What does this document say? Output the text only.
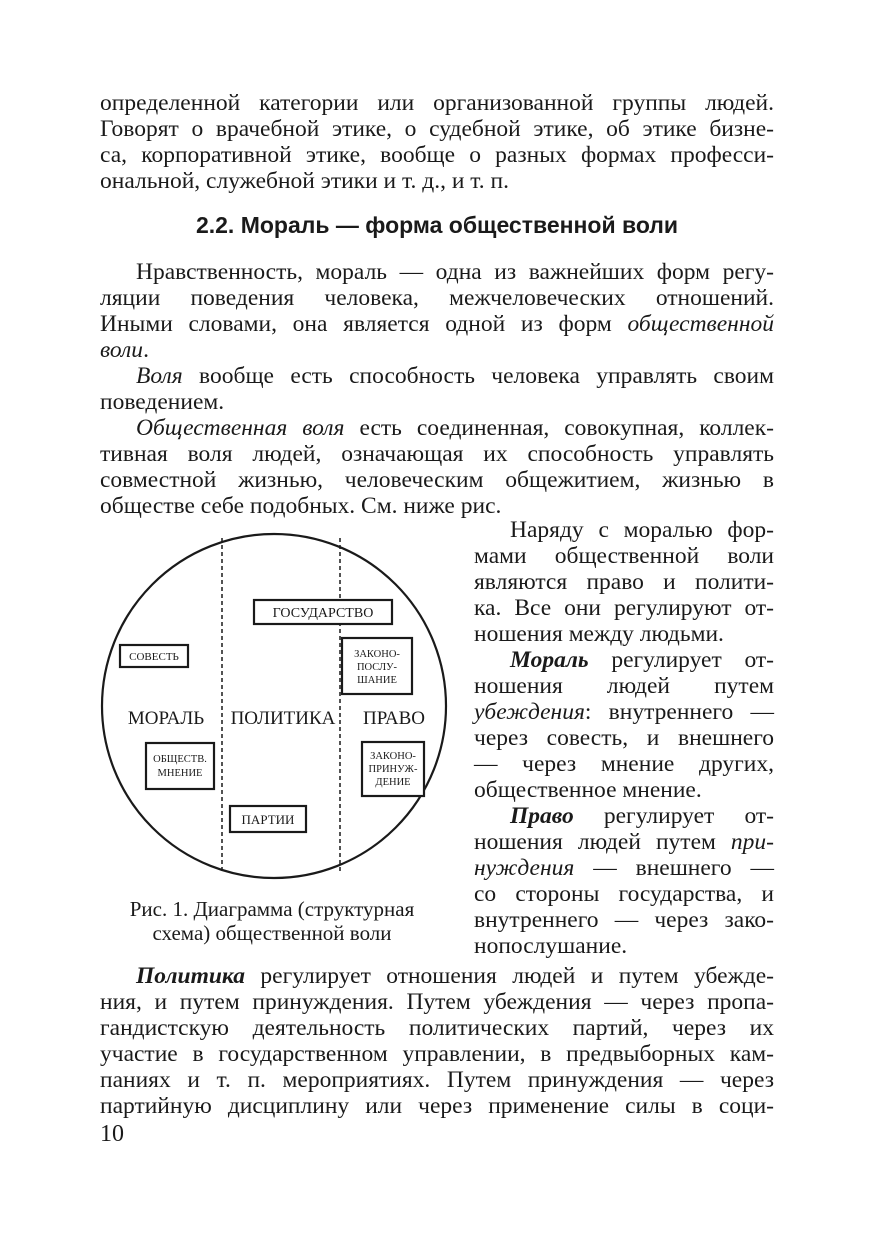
определенной категории или организованной группы людей.
Говорят о врачебной этике, о судебной этике, об этике бизне-
са, корпоративной этике, вообще о разных формах професси-
ональной, служебной этики и т. д., и т. п.
2.2. Мораль — форма общественной воли
Нравственность, мораль — одна из важнейших форм регу-
ляции поведения человека, межчеловеческих отношений.
Иными словами, она является одной из форм общественной
воли.
Воля вообще есть способность человека управлять своим
поведением.
Общественная воля есть соединенная, совокупная, коллек-
тивная воля людей, означающая их способность управлять
совместной жизнью, человеческим общежитием, жизнью в
обществе себе подобных. См. ниже рис.
ГОСУДАРСТВО
СОВЕСТЬ	ЗАКОНО-
ПОСЛУ-
ШАНИЕ
МОРАЛЬ ПОЛИТИКА ПРАВО
ОБЩЕСТВ.
МНЕНИЕ
ЗАКОНО-
ПРИНУЖ-
ДЕНИЕ
ПАРТИИ
Рис. 1. Диаграмма (структурная
схема) общественной воли
Наряду с моралью фор-
мами общественной воли
являются право и полити-
ка. Все они регулируют от-
ношения между людьми.
Мораль регулирует от-
ношения людей путем
убеждения: внутреннего —
через совесть, и внешнего
— через мнение других,
общественное мнение.
Право регулирует от-
ношения людей путем при-
нуждения — внешнего —
со стороны государства, и
внутреннего — через зако-
нопослушание.
Политика регулирует отношения людей и путем убежде-
ния, и путем принуждения. Путем убеждения — через пропа-
гандистскую деятельность политических партий, через их
участие в государственном управлении, в предвыборных кам-
паниях и т. п. мероприятиях. Путем принуждения — через
партийную дисциплину или через применение силы в соци-
10
